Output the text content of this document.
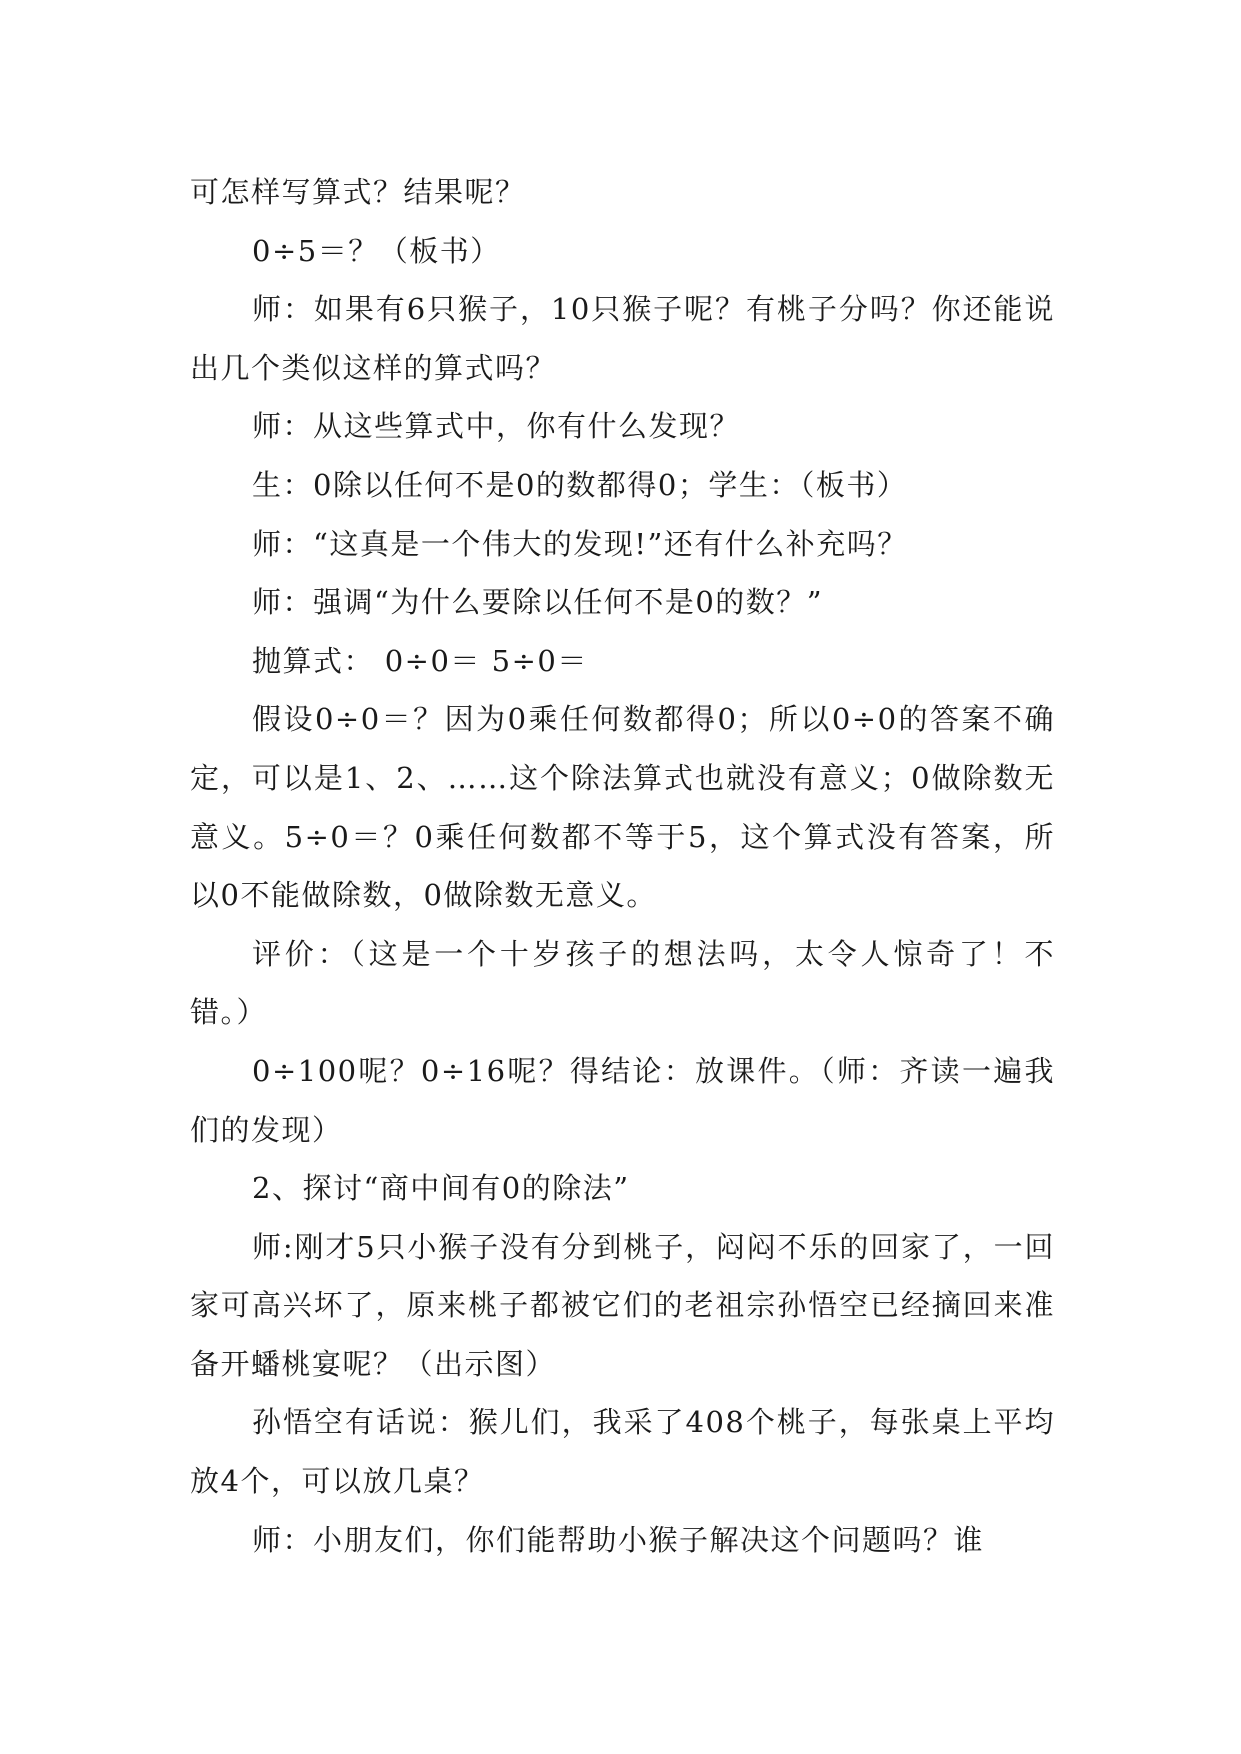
可怎样写算式？结果呢？

0÷5＝？（板书）

师：如果有6只猴子，10只猴子呢？有桃子分吗？你还能说出几个类似这样的算式吗？

师：从这些算式中，你有什么发现？

生：0除以任何不是0的数都得0；学生：（板书）

师：“这真是一个伟大的发现!”还有什么补充吗？

师：强调“为什么要除以任何不是0的数？”

抛算式： 0÷0＝ 5÷0＝

假设0÷0＝？因为0乘任何数都得0；所以0÷0的答案不确定，可以是1、2、……这个除法算式也就没有意义；0做除数无意义。5÷0＝？0乘任何数都不等于5，这个算式没有答案，所以0不能做除数，0做除数无意义。

评价：（这是一个十岁孩子的想法吗，太令人惊奇了！不错。）

0÷100呢？0÷16呢？得结论：放课件。（师：齐读一遍我们的发现）

2、探讨“商中间有0的除法”

师:刚才5只小猴子没有分到桃子，闷闷不乐的回家了，一回家可高兴坏了，原来桃子都被它们的老祖宗孙悟空已经摘回来准备开蟠桃宴呢？（出示图）

孙悟空有话说：猴儿们，我采了408个桃子，每张桌上平均放4个，可以放几桌？

师：小朋友们，你们能帮助小猴子解决这个问题吗？谁
